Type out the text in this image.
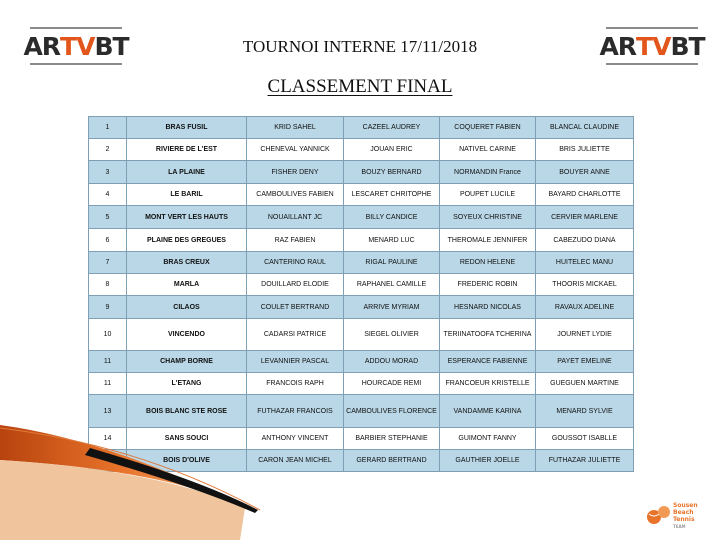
AR T V BT	AR T V BT
TOURNOI INTERNE 17/11/2018
CLASSEMENT FINAL
1	BRAS FUSIL	KRID SAHEL	CAZEEL AUDREY	COQUERET FABIEN	BLANCAL CLAUDINE
2	RIVIERE DE L'EST	CHENEVAL YANNICK	JOUAN ERIC	NATIVEL CARINE	BRIS JULIETTE
3	LA PLAINE	FISHER DENY	BOUZY BERNARD	NORMANDIN France	BOUYER ANNE
4	LE BARIL	CAMBOULIVES FABIEN	LESCARET CHRITOPHE	POUPET LUCILE	BAYARD CHARLOTTE
5	MONT VERT LES HAUTS	NOUAILLANT JC	BILLY CANDICE	SOYEUX CHRISTINE	CERVIER MARLENE
6	PLAINE DES GREGUES	RAZ FABIEN	MENARD LUC	THEROMALE JENNIFER	CABEZUDO DIANA
7	BRAS CREUX	CANTERINO RAUL	RIGAL PAULINE	REDON HELENE	HUITELEC MANU
8	MARLA	DOUILLARD ELODIE	RAPHANEL CAMILLE	FREDERIC ROBIN	THOORIS MICKAEL
9	CILAOS	COULET BERTRAND	ARRIVE MYRIAM	HESNARD NICOLAS	RAVAUX ADELINE
10	VINCENDO	CADARSI PATRICE	SIEGEL OLIVIER	TERIINATOOFA TCHERINA	JOURNET LYDIE
11	CHAMP BORNE	LEVANNIER PASCAL	ADDOU MORAD	ESPERANCE FABIENNE	PAYET EMELINE
11	L'ETANG	FRANCOIS RAPH	HOURCADE REMI	FRANCOEUR KRISTELLE	GUEGUEN MARTINE
13	BOIS BLANC STE ROSE	FUTHAZAR FRANCOIS	CAMBOULIVES FLORENCE	VANDAMME KARINA	MENARD SYLVIE
14	SANS SOUCI	ANTHONY VINCENT	BARBIER STEPHANIE	GUIMONT FANNY	GOUSSOT ISABLLE
	BOIS D'OLIVE	CARON JEAN MICHEL	GERARD BERTRAND	GAUTHIER JOELLE	FUTHAZAR JULIETTE
Sousen
Beach Tennis
TEAM
